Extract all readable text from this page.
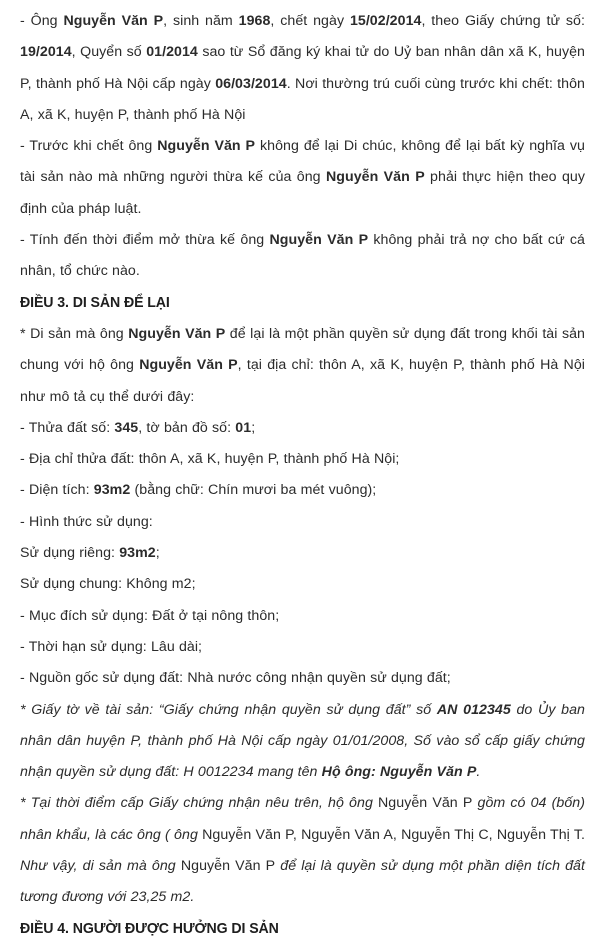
- Ông Nguyễn Văn P, sinh năm 1968, chết ngày 15/02/2014, theo Giấy chứng tử số: 19/2014, Quyển số 01/2014 sao từ Sổ đăng ký khai tử do Uỷ ban nhân dân xã K, huyện P, thành phố Hà Nội cấp ngày 06/03/2014. Nơi thường trú cuối cùng trước khi chết: thôn A, xã K, huyện P, thành phố Hà Nội

- Trước khi chết ông Nguyễn Văn P không để lại Di chúc, không để lại bất kỳ nghĩa vụ tài sản nào mà những người thừa kế của ông Nguyễn Văn P phải thực hiện theo quy định của pháp luật.

- Tính đến thời điểm mở thừa kế ông Nguyễn Văn P không phải trả nợ cho bất cứ cá nhân, tổ chức nào.

ĐIỀU 3. DI SẢN ĐỂ LẠI

* Di sản mà ông Nguyễn Văn P để lại là một phần quyền sử dụng đất trong khối tài sản chung với hộ ông Nguyễn Văn P, tại địa chỉ: thôn A, xã K, huyện P, thành phố Hà Nội như mô tả cụ thể dưới đây:

- Thửa đất số: 345, tờ bản đồ số: 01;

- Địa chỉ thửa đất: thôn A, xã K, huyện P, thành phố Hà Nội;

- Diện tích: 93m2 (bằng chữ: Chín mươi ba mét vuông);

- Hình thức sử dụng:

Sử dụng riêng: 93m2;

Sử dụng chung: Không m2;

- Mục đích sử dụng: Đất ở tại nông thôn;

- Thời hạn sử dụng: Lâu dài;

- Nguồn gốc sử dụng đất: Nhà nước công nhận quyền sử dụng đất;

* Giấy tờ về tài sản: “Giấy chứng nhận quyền sử dụng đất” số AN 012345 do Ủy ban nhân dân huyện P, thành phố Hà Nội cấp ngày 01/01/2008, Số vào sổ cấp giấy chứng nhận quyền sử dụng đất: H 0012234 mang tên Hộ ông: Nguyễn Văn P.

* Tại thời điểm cấp Giấy chứng nhận nêu trên, hộ ông Nguyễn Văn P gồm có 04 (bốn) nhân khẩu, là các ông ( ông Nguyễn Văn P, Nguyễn Văn A, Nguyễn Thị C, Nguyễn Thị T. Như vậy, di sản mà ông Nguyễn Văn P để lại là quyền sử dụng một phần diện tích đất tương đương với 23,25 m2.

ĐIỀU 4. NGƯỜI ĐƯỢC HƯỞNG DI SẢN
